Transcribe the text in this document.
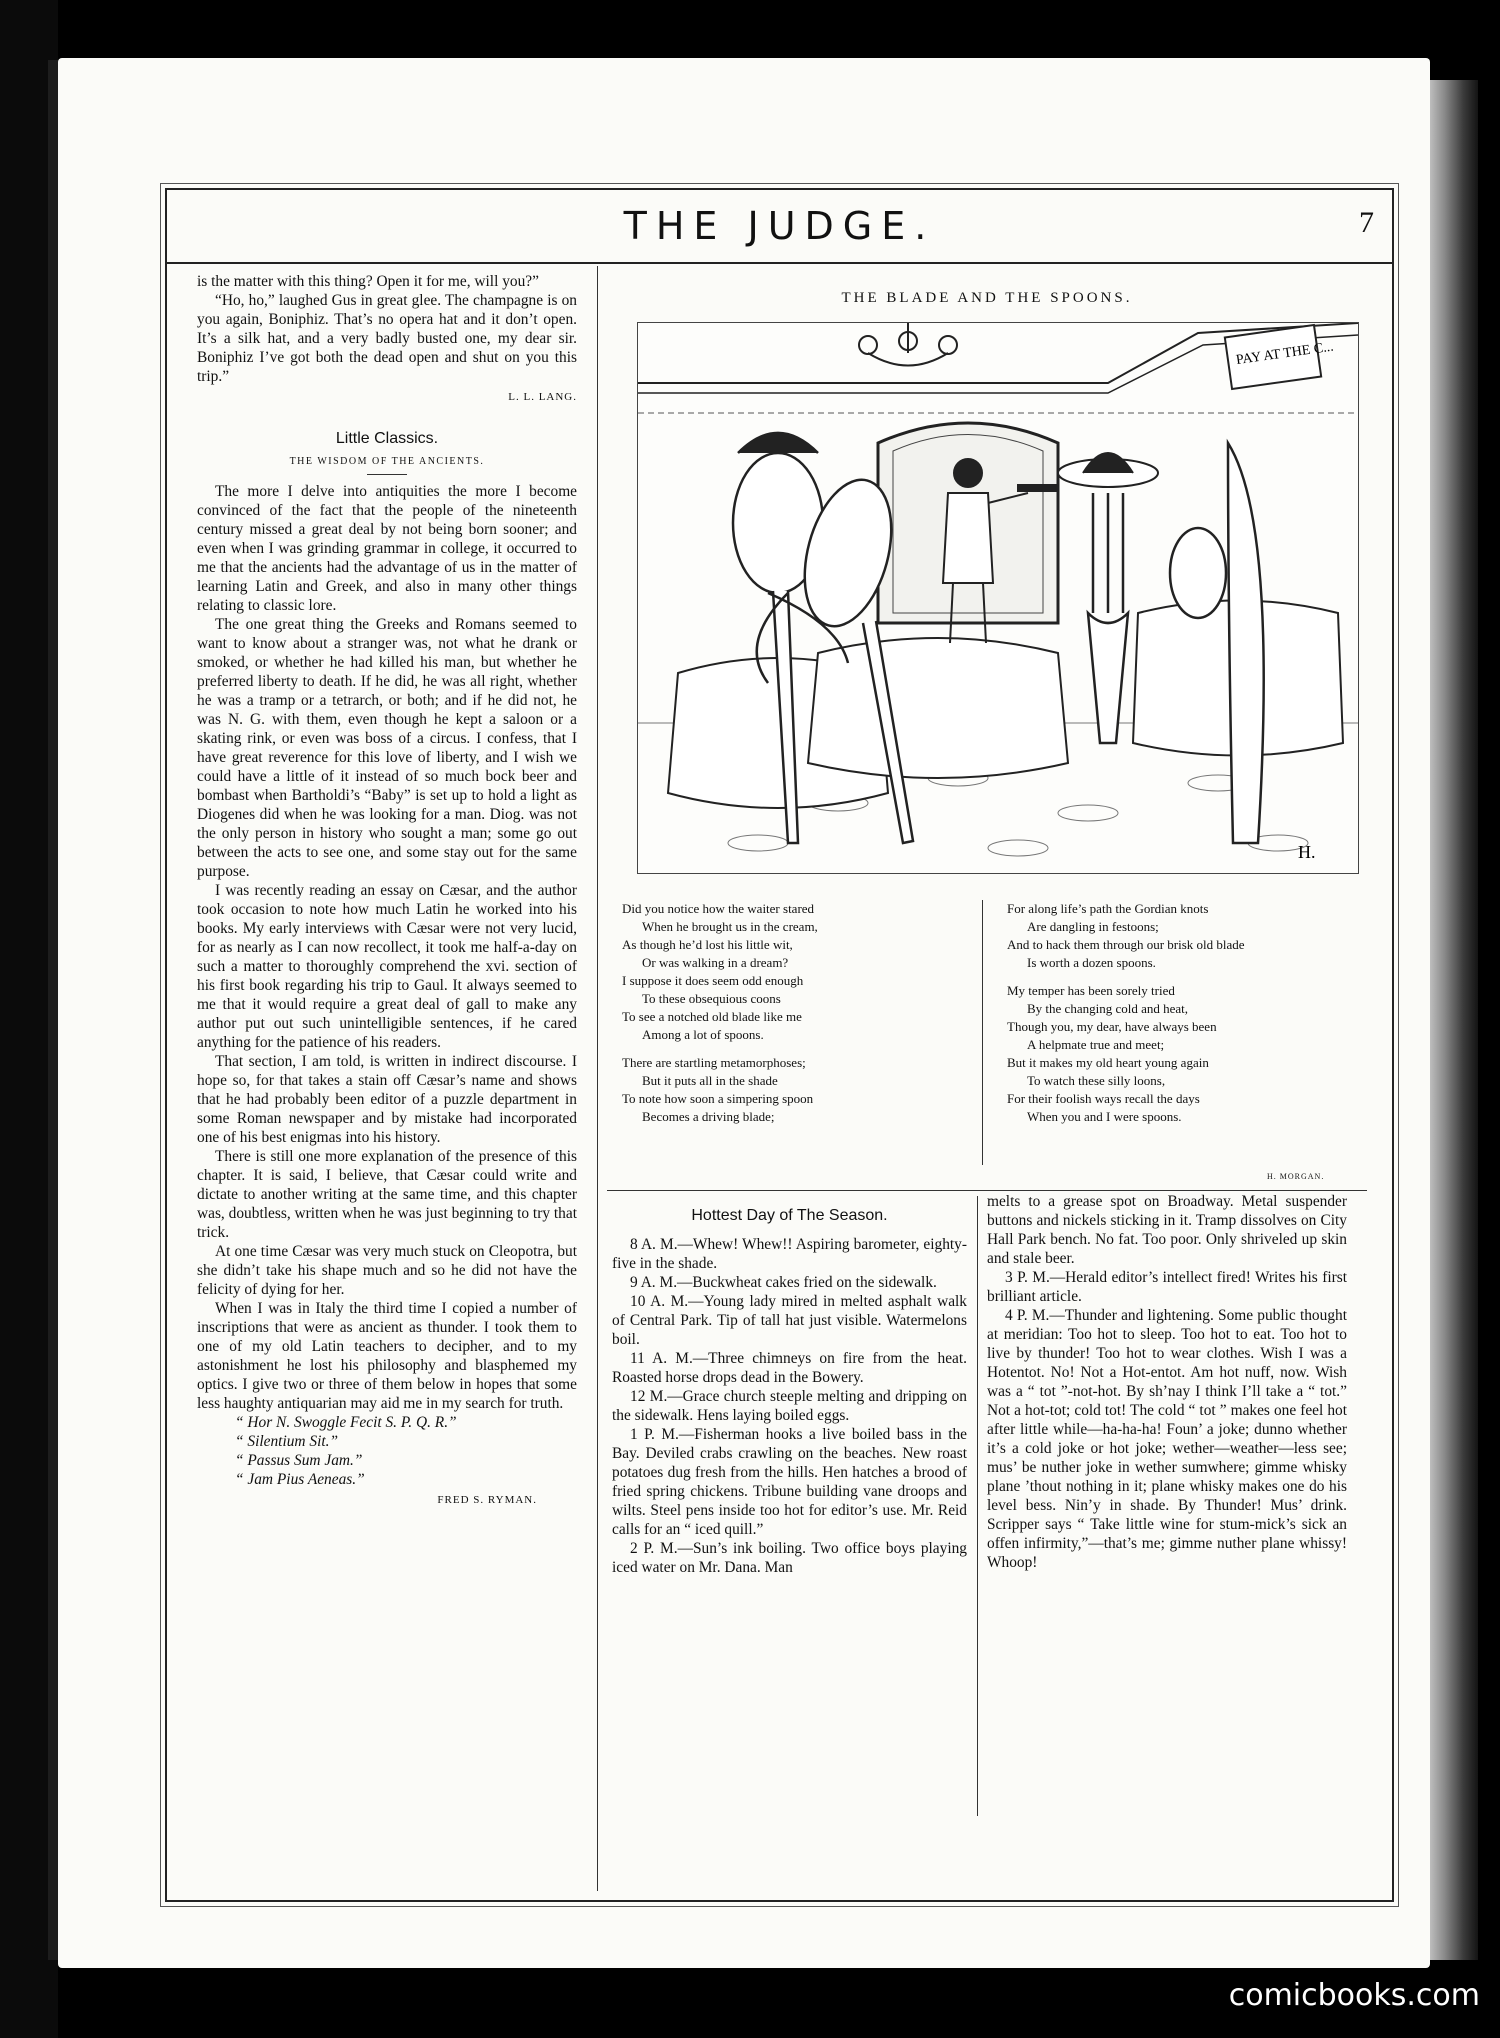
THE JUDGE.	7

is the matter with this thing? Open it for me, will you?”

“Ho, ho,” laughed Gus in great glee. The champagne is on you again, Boniphiz. That’s no opera hat and it don’t open. It’s a silk hat, and a very badly busted one, my dear sir. Boniphiz I’ve got both the dead open and shut on you this trip.”

L. L. LANG.
Little Classics.
THE WISDOM OF THE ANCIENTS.

The more I delve into antiquities the more I become convinced of the fact that the people of the nineteenth century missed a great deal by not being born sooner; and even when I was grinding grammar in college, it occurred to me that the ancients had the advantage of us in the matter of learning Latin and Greek, and also in many other things relating to classic lore.

The one great thing the Greeks and Romans seemed to want to know about a stranger was, not what he drank or smoked, or whether he had killed his man, but whether he preferred liberty to death. If he did, he was all right, whether he was a tramp or a tetrarch, or both; and if he did not, he was N. G. with them, even though he kept a saloon or a skating rink, or even was boss of a circus. I confess, that I have great reverence for this love of liberty, and I wish we could have a little of it instead of so much bock beer and bombast when Bartholdi’s “Baby” is set up to hold a light as Diogenes did when he was looking for a man. Diog. was not the only person in history who sought a man; some go out between the acts to see one, and some stay out for the same purpose.

I was recently reading an essay on Cæsar, and the author took occasion to note how much Latin he worked into his books. My early interviews with Cæsar were not very lucid, for as nearly as I can now recollect, it took me half-a-day on such a matter to thoroughly comprehend the xvi. section of his first book regarding his trip to Gaul. It always seemed to me that it would require a great deal of gall to make any author put out such unintelligible sentences, if he cared anything for the patience of his readers.

That section, I am told, is written in indirect discourse. I hope so, for that takes a stain off Cæsar’s name and shows that he had probably been editor of a puzzle department in some Roman newspaper and by mistake had incorporated one of his best enigmas into his history.

There is still one more explanation of the presence of this chapter. It is said, I believe, that Cæsar could write and dictate to another writing at the same time, and this chapter was, doubtless, written when he was just beginning to try that trick.

At one time Cæsar was very much stuck on Cleopotra, but she didn’t take his shape much and so he did not have the felicity of dying for her.

When I was in Italy the third time I copied a number of inscriptions that were as ancient as thunder. I took them to one of my old Latin teachers to decipher, and to my astonishment he lost his philosophy and blasphemed my optics. I give two or three of them below in hopes that some less haughty antiquarian may aid me in my search for truth.

“ Hor N. Swoggle Fecit S. P. Q. R.”

“ Silentium Sit.”

“ Passus Sum Jam.”

“ Jam Pius Aeneas.”

FRED S. RYMAN.
THE BLADE AND THE SPOONS.
PAY AT THE C...
H.
Did you notice how the waiter stared
When he brought us in the cream,
As though he’d lost his little wit,
Or was walking in a dream?
I suppose it does seem odd enough
To these obsequious coons
To see a notched old blade like me
Among a lot of spoons.
There are startling metamorphoses;
But it puts all in the shade
To note how soon a simpering spoon
Becomes a driving blade;
For along life’s path the Gordian knots
Are dangling in festoons;
And to hack them through our brisk old blade
Is worth a dozen spoons.
My temper has been sorely tried
By the changing cold and heat,
Though you, my dear, have always been
A helpmate true and meet;
But it makes my old heart young again
To watch these silly loons,
For their foolish ways recall the days
When you and I were spoons.
H. MORGAN.
Hottest Day of The Season.

8 A. M.—Whew! Whew!! Aspiring barometer, eighty-five in the shade.

9 A. M.—Buckwheat cakes fried on the sidewalk.

10 A. M.—Young lady mired in melted asphalt walk of Central Park. Tip of tall hat just visible. Watermelons boil.

11 A. M.—Three chimneys on fire from the heat. Roasted horse drops dead in the Bowery.

12 M.—Grace church steeple melting and dripping on the sidewalk. Hens laying boiled eggs.

1 P. M.—Fisherman hooks a live boiled bass in the Bay. Deviled crabs crawling on the beaches. New roast potatoes dug fresh from the hills. Hen hatches a brood of fried spring chickens. Tribune building vane droops and wilts. Steel pens inside too hot for editor’s use. Mr. Reid calls for an “ iced quill.”

2 P. M.—Sun’s ink boiling. Two office boys playing iced water on Mr. Dana. Man

melts to a grease spot on Broadway. Metal suspender buttons and nickels sticking in it. Tramp dissolves on City Hall Park bench. No fat. Too poor. Only shriveled up skin and stale beer.

3 P. M.—Herald editor’s intellect fired! Writes his first brilliant article.

4 P. M.—Thunder and lightening. Some public thought at meridian: Too hot to sleep. Too hot to eat. Too hot to live by thunder! Too hot to wear clothes. Wish I was a Hotentot. No! Not a Hot-entot. Am hot nuff, now. Wish was a “ tot ”-not-hot. By sh’nay I think I’ll take a “ tot.” Not a hot-tot; cold tot! The cold “ tot ” makes one feel hot after little while—ha-ha-ha! Foun’ a joke; dunno whether it’s a cold joke or hot joke; wether—weather—less see; mus’ be nuther joke in wether sumwhere; gimme whisky plane ’thout nothing in it; plane whisky makes one do his level bess. Nin’y in shade. By Thunder! Mus’ drink. Scripper says “ Take little wine for stum-mick’s sick an offen infirmity,”—that’s me; gimme nuther plane whissy! Whoop!

comicbooks.com
